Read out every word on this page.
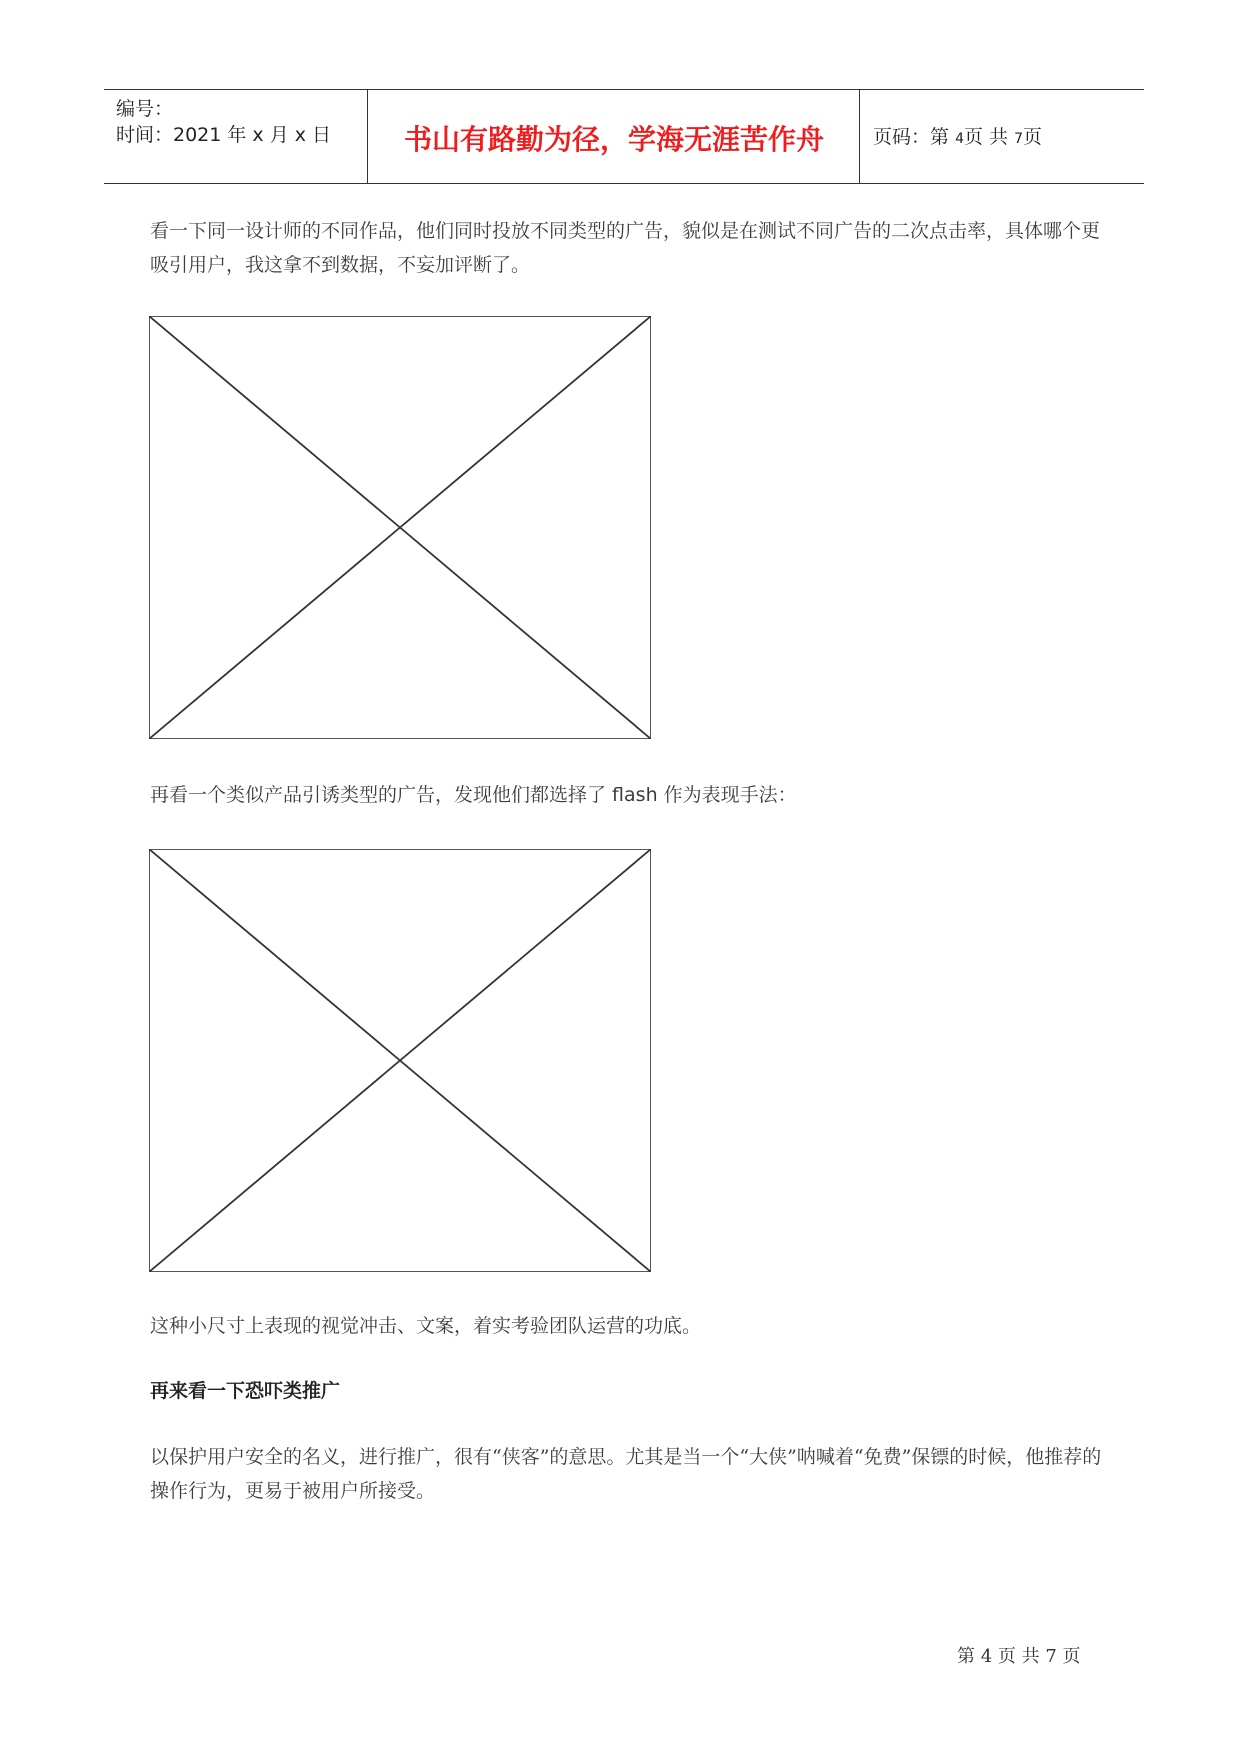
编号：
时间：2021 年 x 月 x 日	书山有路勤为径，学海无涯苦作舟	页码：第 4页 共 7页
看一下同一设计师的不同作品，他们同时投放不同类型的广告，貌似是在测试不同广告的二次点击率，具体哪个更吸引用户，我这拿不到数据，不妄加评断了。
再看一个类似产品引诱类型的广告，发现他们都选择了 flash 作为表现手法：
这种小尺寸上表现的视觉冲击、文案，着实考验团队运营的功底。
再来看一下恐吓类推广
以保护用户安全的名义，进行推广，很有“侠客”的意思。尤其是当一个“大侠”呐喊着“免费”保镖的时候，他推荐的操作行为，更易于被用户所接受。
第 4 页 共 7 页
